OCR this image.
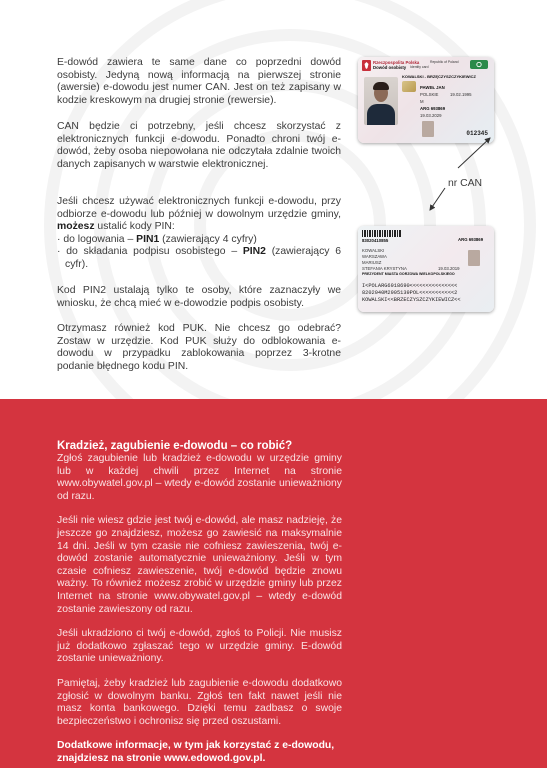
E-dowód zawiera te same dane co poprzedni dowód osobisty. Jedyną nową informacją na pierwszej stronie (awersie) e-dowodu jest numer CAN. Jest on też zapisany w kodzie kreskowym na drugiej stronie (rewersie).

CAN będzie ci potrzebny, jeśli chcesz skorzystać z elektronicznych funkcji e-dowodu. Ponadto chroni twój e-dowód, żeby osoba niepowołana nie odczytała zdalnie twoich danych zapisanych w warstwie elektronicznej.

Jeśli chcesz używać elektronicznych funkcji e-dowodu, przy odbiorze e-dowodu lub później w dowolnym urzędzie gminy, możesz ustalić kody PIN:

· do logowania – PIN1 (zawierający 4 cyfry)
· do składania podpisu osobistego – PIN2 (zawierający 6 cyfr).

Kod PIN2 ustalają tylko te osoby, które zaznaczyły we wniosku, że chcą mieć w e-dowodzie podpis osobisty.

Otrzymasz również kod PUK. Nie chcesz go odebrać? Zostaw w urzędzie. Kod PUK służy do odblokowania e-dowodu w przypadku zablokowania poprzez 3-krotne podanie błędnego kodu PIN.

Rzeczpospolita Polska	Republic of Poland
Dowód osobisty Identity card
KOWALSKI - BRZĘCZYSZCZYKIEWICZ
PAWEŁ JAN
POLSKIE
M
19.02.1995
ARG 693869
19.03.2029
012345
nr CAN
83020410855	ARG 693869
KOWALSKI
WARSZAWA
MARIUSZ
STEFANIA KRYSTYNA	19.03.2019
PREZYDENT MIASTA GORZOWA WIELKOPOLSKIEGO
I<POLARG6918690<<<<<<<<<<<<<<<
8202040M2905139POL<<<<<<<<<<<2
KOWALSKI<<BRZECZYSZCZYKIEWICZ<<
Kradzież, zagubienie e-dowodu – co robić?

Zgłoś zagubienie lub kradzież e-dowodu w urzędzie gminy lub w każdej chwili przez Internet na stronie www.obywatel.gov.pl – wtedy e-dowód zostanie unieważniony od razu.

Jeśli nie wiesz gdzie jest twój e-dowód, ale masz nadzieję, że jeszcze go znajdziesz, możesz go zawiesić na maksymalnie 14 dni. Jeśli w tym czasie nie cofniesz zawieszenia, twój e-dowód zostanie automatycznie unieważniony. Jeśli w tym czasie cofniesz zawieszenie, twój e-dowód będzie znowu ważny. To również możesz zrobić w urzędzie gminy lub przez Internet na stronie www.obywatel.gov.pl – wtedy e-dowód zostanie zawieszony od razu.

Jeśli ukradziono ci twój e-dowód, zgłoś to Policji. Nie musisz już dodatkowo zgłaszać tego w urzędzie gminy. E-dowód zostanie unieważniony.

Pamiętaj, żeby kradzież lub zagubienie e-dowodu dodatkowo zgłosić w dowolnym banku. Zgłoś ten fakt nawet jeśli nie masz konta bankowego. Dzięki temu zadbasz o swoje bezpieczeństwo i ochronisz się przed oszustami.

Dodatkowe informacje, w tym jak korzystać z e-dowodu, znajdziesz na stronie www.edowod.gov.pl.
